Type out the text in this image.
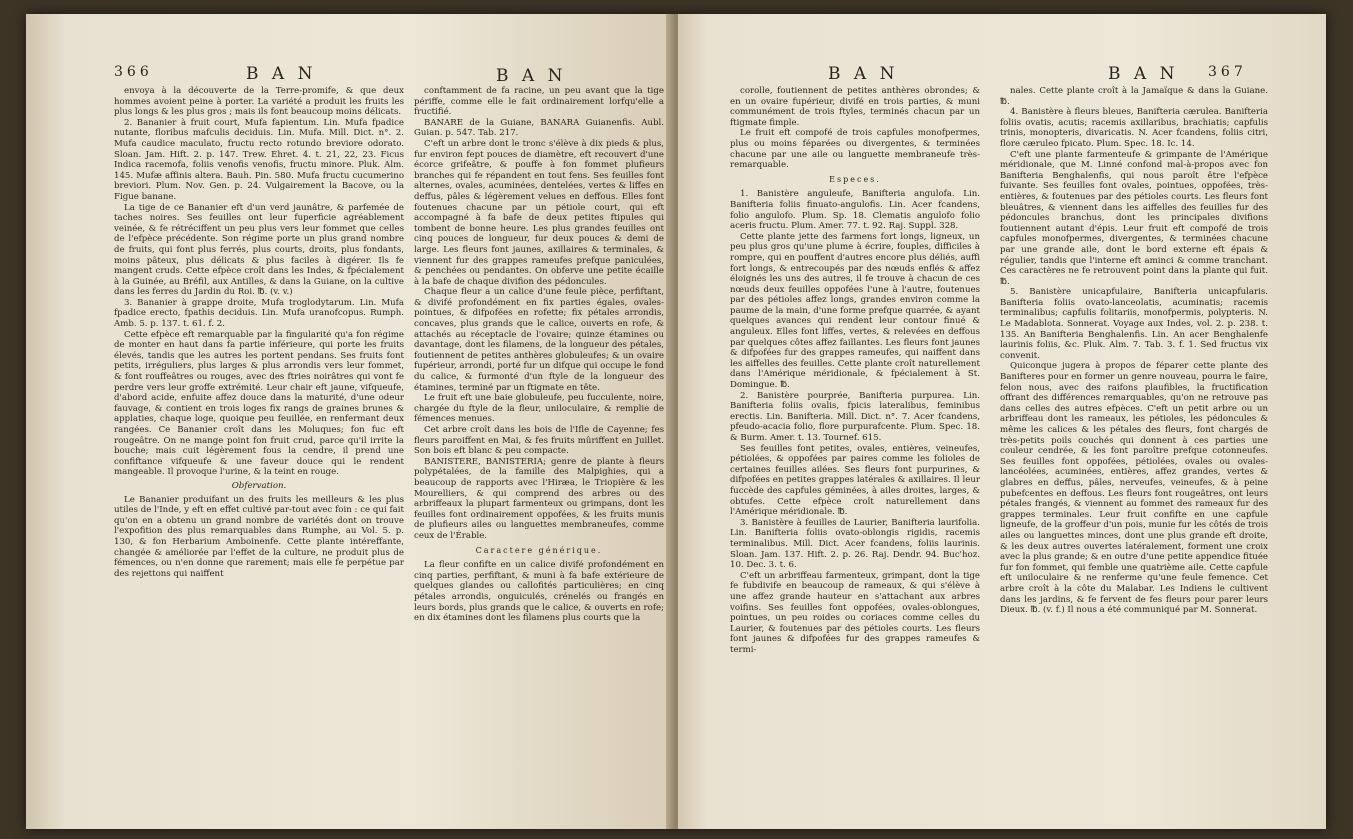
366	B A N	B A N

envoya à la découverte de la Terre-promife, & que deux hommes avoient peine à porter. La variété a produit les fruits les plus longs & les plus gros ; mais ils font beaucoup moins délicats.

2. Bananier à fruit court, Mufa fapientum. Lin. Mufa fpadice nutante, floribus mafculis deciduis. Lin. Mufa. Mill. Dict. n°. 2. Mufa caudice maculato, fructu recto rotundo breviore odorato. Sloan. Jam. Hift. 2. p. 147. Trew. Ehret. 4. t. 21, 22, 23. Ficus Indica racemofa, foliis venofis venofis, fructu minore. Pluk. Alm. 145. Mufæ affinis altera. Bauh. Pin. 580. Mufa fructu cucumerino breviori. Plum. Nov. Gen. p. 24. Vulgairement la Bacove, ou la Figue banane.

La tige de ce Bananier eft d'un verd jaunâtre, & parfemée de taches noires. Ses feuilles ont leur fuperficie agréablement veinée, & fe rétréciffent un peu plus vers leur fommet que celles de l'efpèce précédente. Son régime porte un plus grand nombre de fruits, qui font plus ferrés, plus courts, droits, plus fondants, moins pâteux, plus délicats & plus faciles à digérer. Ils fe mangent cruds. Cette efpèce croît dans les Indes, & fpécialement à la Guinée, au Bréfil, aux Antilles, & dans la Guiane, on la cultive dans les ferres du Jardin du Roi. ℔. (v. v.)

3. Bananier à grappe droite, Mufa troglodytarum. Lin. Mufa fpadice erecto, fpathis deciduis. Lin. Mufa uranofcopus. Rumph. Amb. 5. p. 137. t. 61. f. 2.

Cette efpèce eft remarquable par la fingularité qu'a fon régime de monter en haut dans fa partie inférieure, qui porte les fruits élevés, tandis que les autres les portent pendans. Ses fruits font petits, irréguliers, plus larges & plus arrondis vers leur fommet, & font rouffeâtres ou rouges, avec des ftries noirâtres qui vont fe perdre vers leur groffe extrémité. Leur chair eft jaune, vifqueufe, d'abord acide, enfuite affez douce dans la maturité, d'une odeur fauvage, & contient en trois loges fix rangs de graines brunes & applaties, chaque loge, quoique peu feuillée, en renfermant deux rangées. Ce Bananier croît dans les Moluques; fon fuc eft rougeâtre. On ne mange point fon fruit crud, parce qu'il irrite la bouche; mais cuit légèrement fous la cendre, il prend une confiftance vifqueufe & une faveur douce qui le rendent mangeable. Il provoque l'urine, & la teint en rouge.

Obfervation.

Le Bananier produifant un des fruits les meilleurs & les plus utiles de l'Inde, y eft en effet cultivé par-tout avec foin : ce qui fait qu'on en a obtenu un grand nombre de variétés dont on trouve l'expofition des plus remarquables dans Rumphe, au Vol. 5. p. 130, & fon Herbarium Amboinenfe. Cette plante intéreffante, changée & améliorée par l'effet de la culture, ne produit plus de fémences, ou n'en donne que rarement; mais elle fe perpétue par des rejettons qui naiffent

conftamment de fa racine, un peu avant que la tige périffe, comme elle le fait ordinairement lorfqu'elle a fructifié.

BANARE de la Guiane, BANARA Guianenfis. Aubl. Guian. p. 547. Tab. 217.

C'eft un arbre dont le tronc s'élève à dix pieds & plus, fur environ fept pouces de diamètre, eft recouvert d'une écorce grifeâtre, & pouffe à fon fommet plufieurs branches qui fe répandent en tout fens. Ses feuilles font alternes, ovales, acuminées, dentelées, vertes & liffes en deffus, pâles & légèrement velues en deffous. Elles font foutenues chacune par un pétiole court, qui eft accompagné à fa bafe de deux petites ftipules qui tombent de bonne heure. Les plus grandes feuilles ont cinq pouces de longueur, fur deux pouces & demi de large. Les fleurs font jaunes, axillaires & terminales, & viennent fur des grappes rameufes prefque paniculées, & penchées ou pendantes. On obferve une petite écaille à la bafe de chaque divifion des pédoncules.

Chaque fleur a un calice d'une feule pièce, perfiftant, & divifé profondément en fix parties égales, ovales-pointues, & difpofées en rofette; fix pétales arrondis, concaves, plus grands que le calice, ouverts en rofe, & attachés au réceptacle de l'ovaire; quinze étamines ou davantage, dont les filamens, de la longueur des pétales, foutiennent de petites anthères globuleufes; & un ovaire fupérieur, arrondi, porté fur un difque qui occupe le fond du calice, & furmonté d'un ftyle de la longueur des étamines, terminé par un ftigmate en tête.

Le fruit eft une baie globuleufe, peu fucculente, noire, chargée du ftyle de la fleur, uniloculaire, & remplie de fémences menues.

Cet arbre croît dans les bois de l'Ifle de Cayenne; fes fleurs paroiffent en Mai, & fes fruits mûriffent en Juillet. Son bois eft blanc & peu compacte.

BANISTERE, BANISTERIA; genre de plante à fleurs polypétalées, de la famille des Malpighies, qui a beaucoup de rapports avec l'Hiræa, le Triopière & les Mourelliers, & qui comprend des arbres ou des arbriffeaux la plupart farmenteux ou grimpans, dont les feuilles font ordinairement oppofées, & les fruits munis de plufieurs ailes ou languettes membraneufes, comme ceux de l'Érable.

Caractere générique.

La fleur confifte en un calice divifé profondément en cinq parties, perfiftant, & muni à fa bafe extérieure de quelques glandes ou callofités particulières; en cinq pétales arrondis, onguiculés, crénelés ou frangés en leurs bords, plus grands que le calice, & ouverts en rofe; en dix étamines dont les filamens plus courts que la

B A N	B A N 367

corolle, foutiennent de petites anthères obrondes; & en un ovaire fupérieur, divifé en trois parties, & muni communément de trois ftyles, terminés chacun par un ftigmate fimple.

Le fruit eft compofé de trois capfules monofpermes, plus ou moins féparées ou divergentes, & terminées chacune par une aile ou languette membraneufe très-remarquable.

Especes.

1. Banistère anguleufe, Banifteria angulofa. Lin. Banifteria foliis finuato-angulofis. Lin. Acer fcandens, folio angulofo. Plum. Sp. 18. Clematis angulofo folio aceris fructu. Plum. Amer. 77. t. 92. Raj. Suppl. 328.

Cette plante jette des farmens fort longs, ligneux, un peu plus gros qu'une plume à écrire, fouples, difficiles à rompre, qui en pouffent d'autres encore plus déliés, auffi fort longs, & entrecoupés par des nœuds enflés & affez éloignés les uns des autres, il fe trouve à chacun de ces nœuds deux feuilles oppofées l'une à l'autre, foutenues par des pétioles affez longs, grandes environ comme la paume de la main, d'une forme prefque quarrée, & ayant quelques avances qui rendent leur contour finué & anguleux. Elles font liffes, vertes, & relevées en deffous par quelques côtes affez faillantes. Les fleurs font jaunes & difpofées fur des grappes rameufes, qui naiffent dans les aiffelles des feuilles. Cette plante croît naturellement dans l'Amérique méridionale, & fpécialement à St. Domingue. ℔.

2. Banistère pourprée, Banifteria purpurea. Lin. Banifteria foliis ovalis, fpicis lateralibus, feminibus erectis. Lin. Banifteria. Mill. Dict. n°. 7. Acer fcandens, pfeudo-acacia folio, flore purpurafcente. Plum. Spec. 18. & Burm. Amer. t. 13. Tournef. 615.

Ses feuilles font petites, ovales, entières, veineufes, pétiolées, & oppofées par paires comme les folioles de certaines feuilles ailées. Ses fleurs font purpurines, & difpofées en petites grappes latérales & axillaires. Il leur fuccède des capfules géminées, à ailes droites, larges, & obtufes. Cette efpèce croît naturellement dans l'Amérique méridionale. ℔.

3. Banistère à feuilles de Laurier, Banifteria laurifolia. Lin. Banifteria foliis ovato-oblongis rigidis, racemis terminalibus. Mill. Dict. Acer fcandens, foliis laurinis. Sloan. Jam. 137. Hift. 2. p. 26. Raj. Dendr. 94. Buc'hoz. 10. Dec. 3. t. 6.

C'eft un arbriffeau farmenteux, grimpant, dont la tige fe fubdivife en beaucoup de rameaux, & qui s'élève à une affez grande hauteur en s'attachant aux arbres voifins. Ses feuilles font oppofées, ovales-oblongues, pointues, un peu roides ou coriaces comme celles du Laurier, & foutenues par des pétioles courts. Les fleurs font jaunes & difpofées fur des grappes rameufes & termi-

nales. Cette plante croît à la Jamaïque & dans la Guiane. ℔.

4. Banistère à fleurs bleues, Banifteria cærulea. Banifteria foliis ovatis, acutis; racemis axillaribus, brachiatis; capfulis trinis, monopteris, divaricatis. N. Acer fcandens, foliis citri, flore cæruleo fpicato. Plum. Spec. 18. Ic. 14.

C'eft une plante farmenteufe & grimpante de l'Amérique méridionale, que M. Linné confond mal-à-propos avec fon Banifteria Benghalenfis, qui nous paroît être l'efpèce fuivante. Ses feuilles font ovales, pointues, oppofées, très-entières, & foutenues par des pétioles courts. Les fleurs font bleuâtres, & viennent dans les aiffelles des feuilles fur des pédoncules branchus, dont les principales divifions foutiennent autant d'épis. Leur fruit eft compofé de trois capfules monofpermes, divergentes, & terminées chacune par une grande aile, dont le bord externe eft épais & régulier, tandis que l'interne eft aminci & comme tranchant. Ces caractères ne fe retrouvent point dans la plante qui fuit. ℔.

5. Banistère unicapfulaire, Banifteria unicapfularis. Banifteria foliis ovato-lanceolatis, acuminatis; racemis terminalibus; capfulis folitariis, monofpermis, polypteris. N. Le Madablota. Sonnerat. Voyage aux Indes, vol. 2. p. 238. t. 135. An Banifteria Benghalenfis. Lin. An acer Benghalenfe laurinis foliis, &c. Pluk. Alm. 7. Tab. 3. f. 1. Sed fructus vix convenit.

Quiconque jugera à propos de féparer cette plante des Banifteres pour en former un genre nouveau, pourra le faire, felon nous, avec des raifons plaufibles, la fructification offrant des différences remarquables, qu'on ne retrouve pas dans celles des autres efpèces. C'eft un petit arbre ou un arbriffeau dont les rameaux, les pétioles, les pédoncules & même les calices & les pétales des fleurs, font chargés de très-petits poils couchés qui donnent à ces parties une couleur cendrée, & les font paroître prefque cotonneufes. Ses feuilles font oppofées, pétiolées, ovales ou ovales-lancéolées, acuminées, entières, affez grandes, vertes & glabres en deffus, pâles, nerveufes, veineufes, & à peine pubefcentes en deffous. Les fleurs font rougeâtres, ont leurs pétales frangés, & viennent au fommet des rameaux fur des grappes terminales. Leur fruit confifte en une capfule ligneufe, de la groffeur d'un pois, munie fur les côtés de trois ailes ou languettes minces, dont une plus grande eft droite, & les deux autres ouvertes latéralement, forment une croix avec la plus grande; & en outre d'une petite appendice fituée fur fon fommet, qui femble une quatrième aile. Cette capfule eft uniloculaire & ne renferme qu'une feule femence. Cet arbre croît à la côte du Malabar. Les Indiens le cultivent dans les jardins, & fe fervent de fes fleurs pour parer leurs Dieux. ℔. (v. f.) Il nous a été communiqué par M. Sonnerat.
